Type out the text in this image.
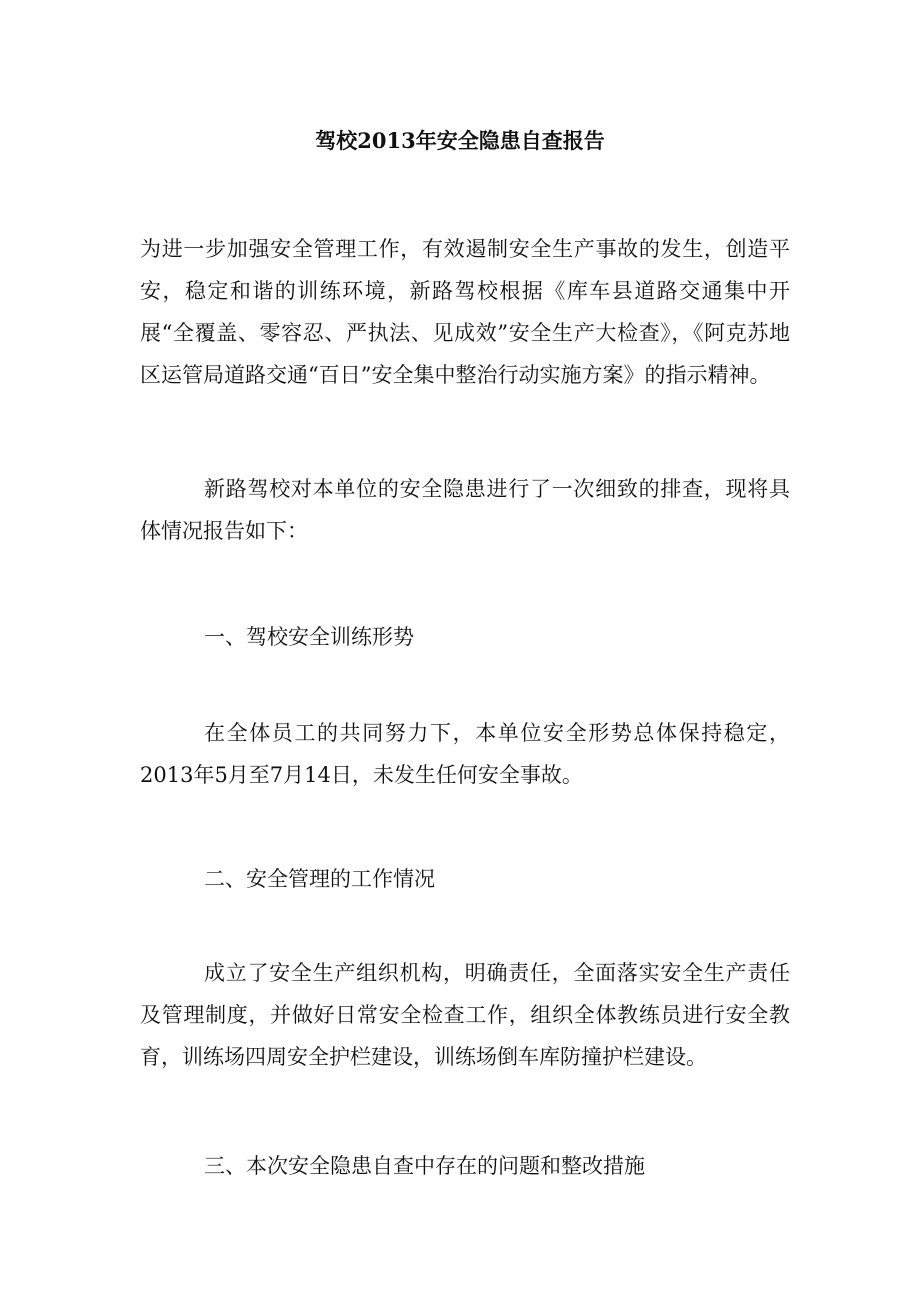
驾校2013年安全隐患自查报告

为进一步加强安全管理工作，有效遏制安全生产事故的发生，创造平安，稳定和谐的训练环境，新路驾校根据《库车县道路交通集中开展“全覆盖、零容忍、严执法、见成效”安全生产大检查》，《阿克苏地区运管局道路交通“百日”安全集中整治行动实施方案》的指示精神。

新路驾校对本单位的安全隐患进行了一次细致的排查，现将具体情况报告如下：

一、驾校安全训练形势

在全体员工的共同努力下，本单位安全形势总体保持稳定，2013年5月至7月14日，未发生任何安全事故。

二、安全管理的工作情况

成立了安全生产组织机构，明确责任，全面落实安全生产责任及管理制度，并做好日常安全检查工作，组织全体教练员进行安全教育，训练场四周安全护栏建设，训练场倒车库防撞护栏建设。

三、本次安全隐患自查中存在的问题和整改措施
